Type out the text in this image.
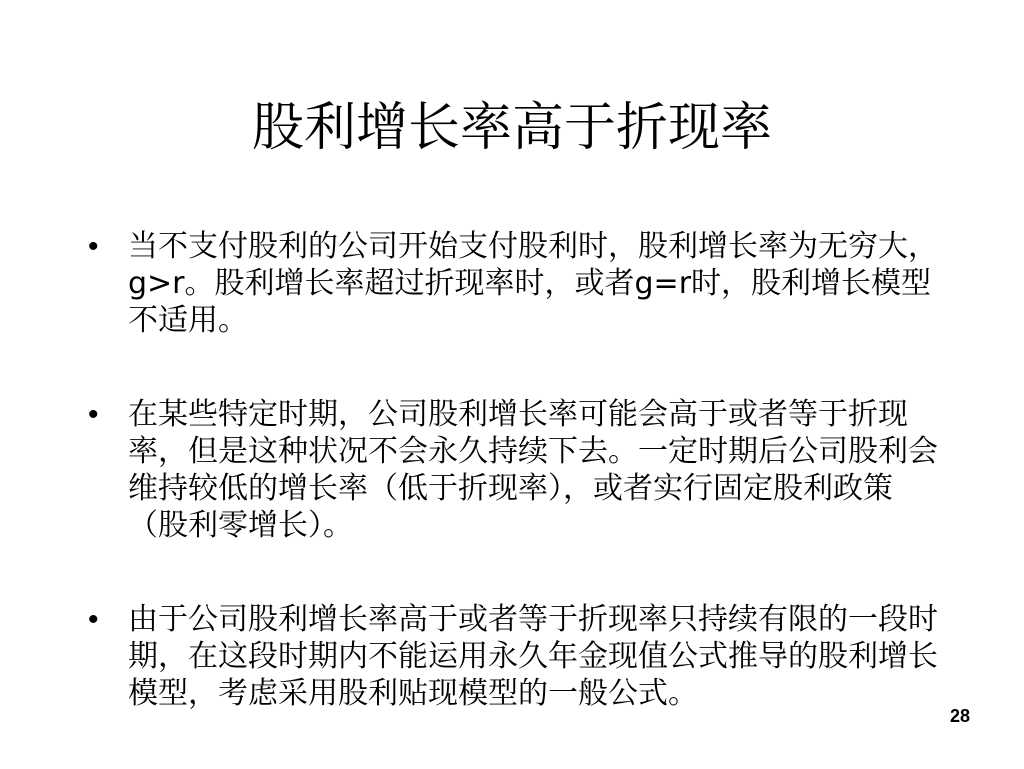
股利增长率高于折现率
• 当不支付股利的公司开始支付股利时，股利增长率为无穷大，g>r。股利增长率超过折现率时，或者g=r时，股利增长模型不适用。
• 在某些特定时期，公司股利增长率可能会高于或者等于折现率，但是这种状况不会永久持续下去。一定时期后公司股利会维持较低的增长率（低于折现率），或者实行固定股利政策（股利零增长）。
• 由于公司股利增长率高于或者等于折现率只持续有限的一段时期，在这段时期内不能运用永久年金现值公式推导的股利增长模型，考虑采用股利贴现模型的一般公式。
28
